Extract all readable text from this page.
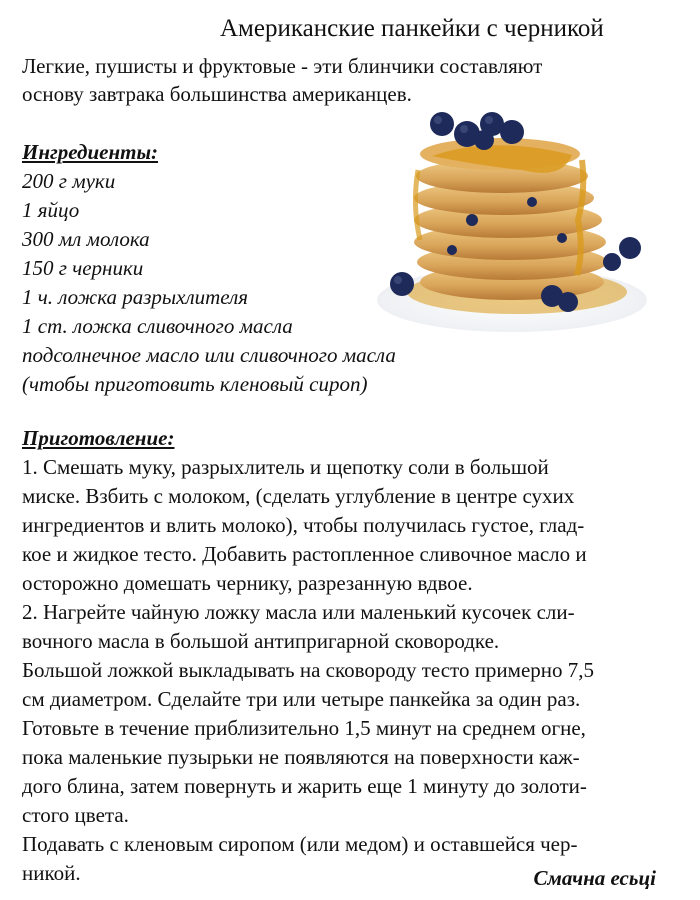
Американские панкейки с черникой
Легкие, пушисты и фруктовые - эти блинчики составляют
основу завтрака большинства американцев.
Ингредиенты:
200 г муки
1 яйцо
300 мл молока
150 г черники
1 ч. ложка разрыхлителя
1 ст. ложка сливочного масла
подсолнечное масло или сливочного масла
(чтобы приготовить кленовый сироп)
Приготовление:
1. Смешать муку, разрыхлитель и щепотку соли в большой
миске. Взбить с молоком, (сделать углубление в центре сухих
ингредиентов и влить молоко), чтобы получилась густое, глад-
кое и жидкое тесто. Добавить растопленное сливочное масло и
осторожно домешать чернику, разрезанную вдвое.
2. Нагрейте чайную ложку масла или маленький кусочек сли-
вочного масла в большой антипригарной сковородке.
Большой ложкой выкладывать на сковороду тесто примерно 7,5
см диаметром. Сделайте три или четыре панкейка за один раз.
Готовьте в течение приблизительно 1,5 минут на среднем огне,
пока маленькие пузырьки не появляются на поверхности каж-
дого блина, затем повернуть и жарить еще 1 минуту до золоти-
стого цвета.
Подавать с кленовым сиропом (или медом) и оставшейся чер-
никой.	Смачна есьці
